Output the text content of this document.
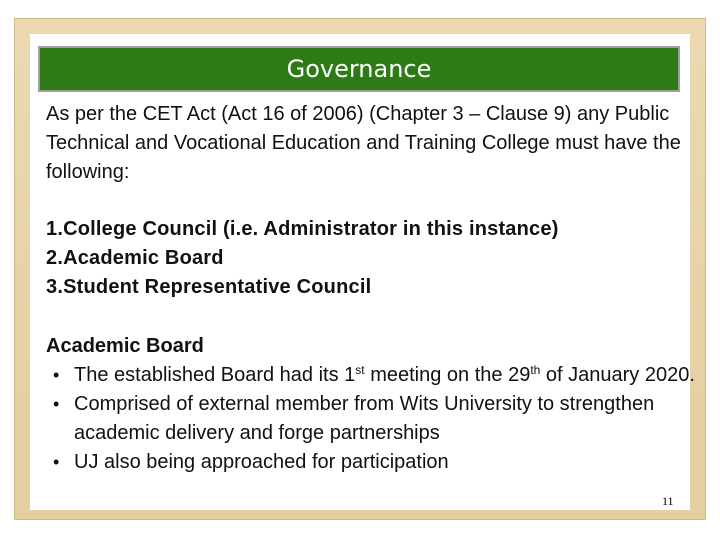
Governance

As per the CET Act (Act 16 of 2006) (Chapter 3 – Clause 9) any Public Technical and Vocational Education and Training College must have the following:

1.College Council (i.e. Administrator in this instance)
2.Academic Board
3.Student Representative Council

Academic Board

• The established Board had its 1st meeting on the 29th of January 2020.
• Comprised of external member from Wits University to strengthen academic delivery and forge partnerships
• UJ also being approached for participation
11
